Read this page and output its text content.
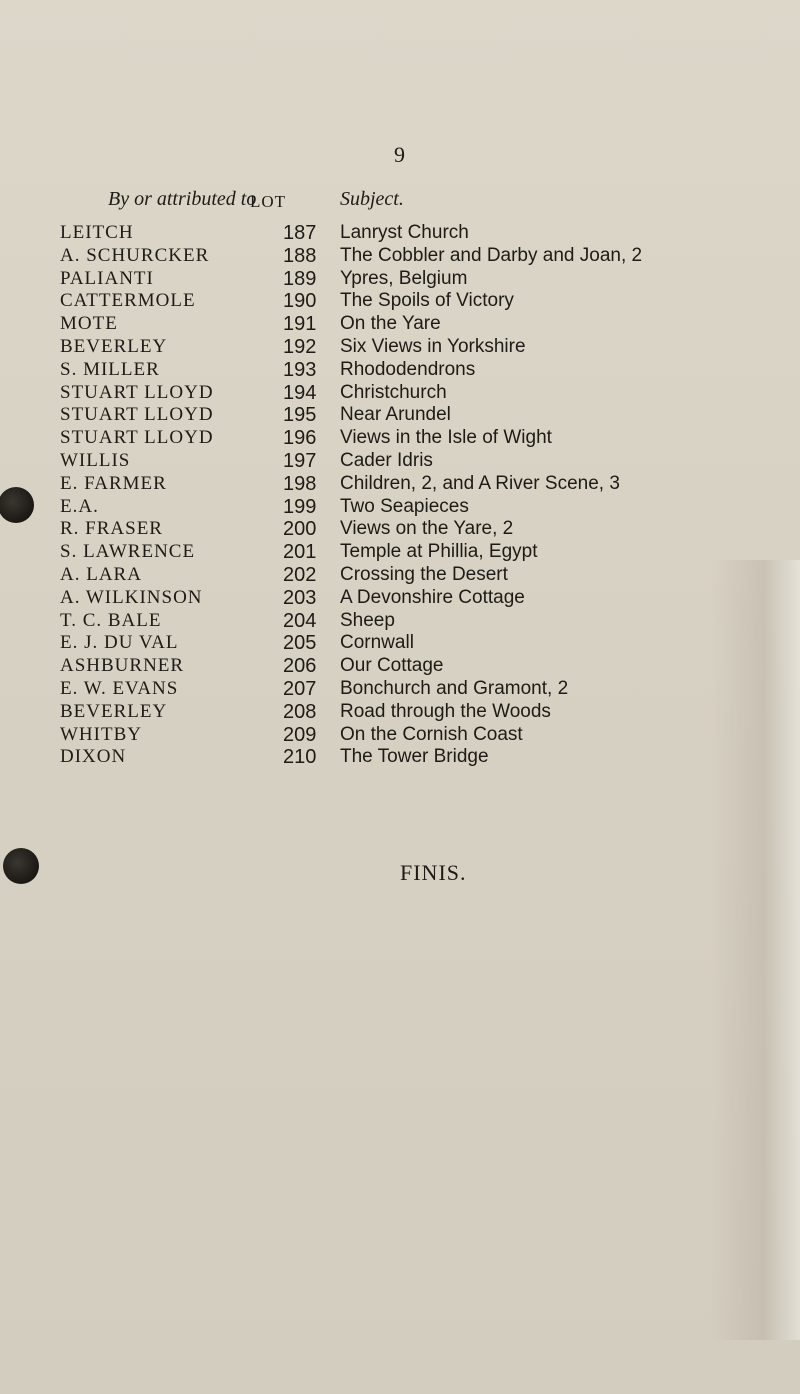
9
By or attributed to
LOT	Subject.
LEITCH	187 Lanryst Church
A. SCHURCKER	188 The Cobbler and Darby and Joan, 2
PALIANTI	189 Ypres, Belgium
CATTERMOLE	190 The Spoils of Victory
MOTE	191 On the Yare
BEVERLEY	192 Six Views in Yorkshire
S. MILLER	193 Rhododendrons
STUART LLOYD	194 Christchurch
STUART LLOYD	195 Near Arundel
STUART LLOYD	196 Views in the Isle of Wight
WILLIS	197 Cader Idris
E. FARMER	198 Children, 2, and A River Scene, 3
E.A.	199 Two Seapieces
R. FRASER	200 Views on the Yare, 2
S. LAWRENCE	201 Temple at Phillia, Egypt
A. LARA	202 Crossing the Desert
A. WILKINSON	203 A Devonshire Cottage
T. C. BALE	204 Sheep
E. J. DU VAL	205 Cornwall
ASHBURNER	206 Our Cottage
E. W. EVANS	207 Bonchurch and Gramont, 2
BEVERLEY	208 Road through the Woods
WHITBY	209 On the Cornish Coast
DIXON	210 The Tower Bridge
FINIS.
